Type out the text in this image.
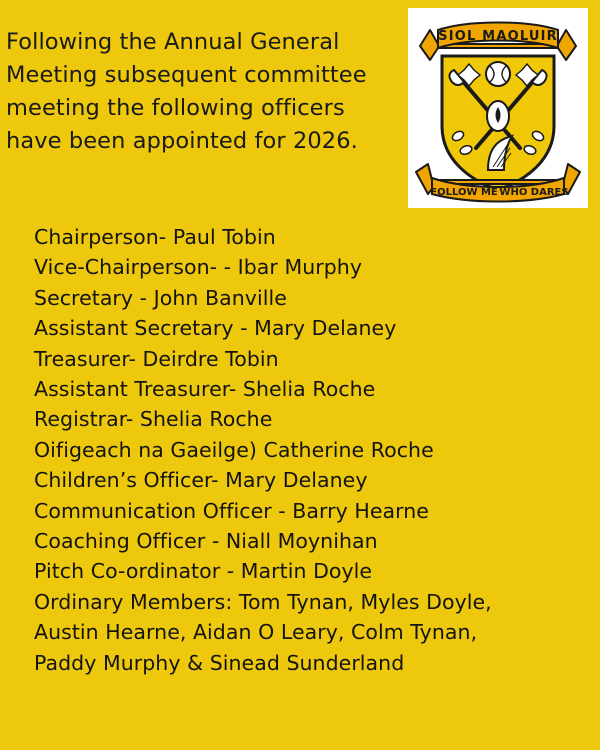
Following the Annual General Meeting subsequent committee meeting the following officers have been appointed for 2026.
SIOL MAOLUIR
FOLLOW ME WHO DARES
Chairperson- Paul Tobin
Vice-Chairperson- - Ibar Murphy
Secretary - John Banville
Assistant Secretary - Mary Delaney
Treasurer- Deirdre Tobin
Assistant Treasurer- Shelia Roche
Registrar- Shelia Roche
Oifigeach na Gaeilge) Catherine Roche
Children’s Officer- Mary Delaney
Communication Officer - Barry Hearne
Coaching Officer - Niall Moynihan
Pitch Co-ordinator - Martin Doyle
Ordinary Members: Tom Tynan, Myles Doyle, Austin Hearne, Aidan O Leary, Colm Tynan, Paddy Murphy & Sinead Sunderland
